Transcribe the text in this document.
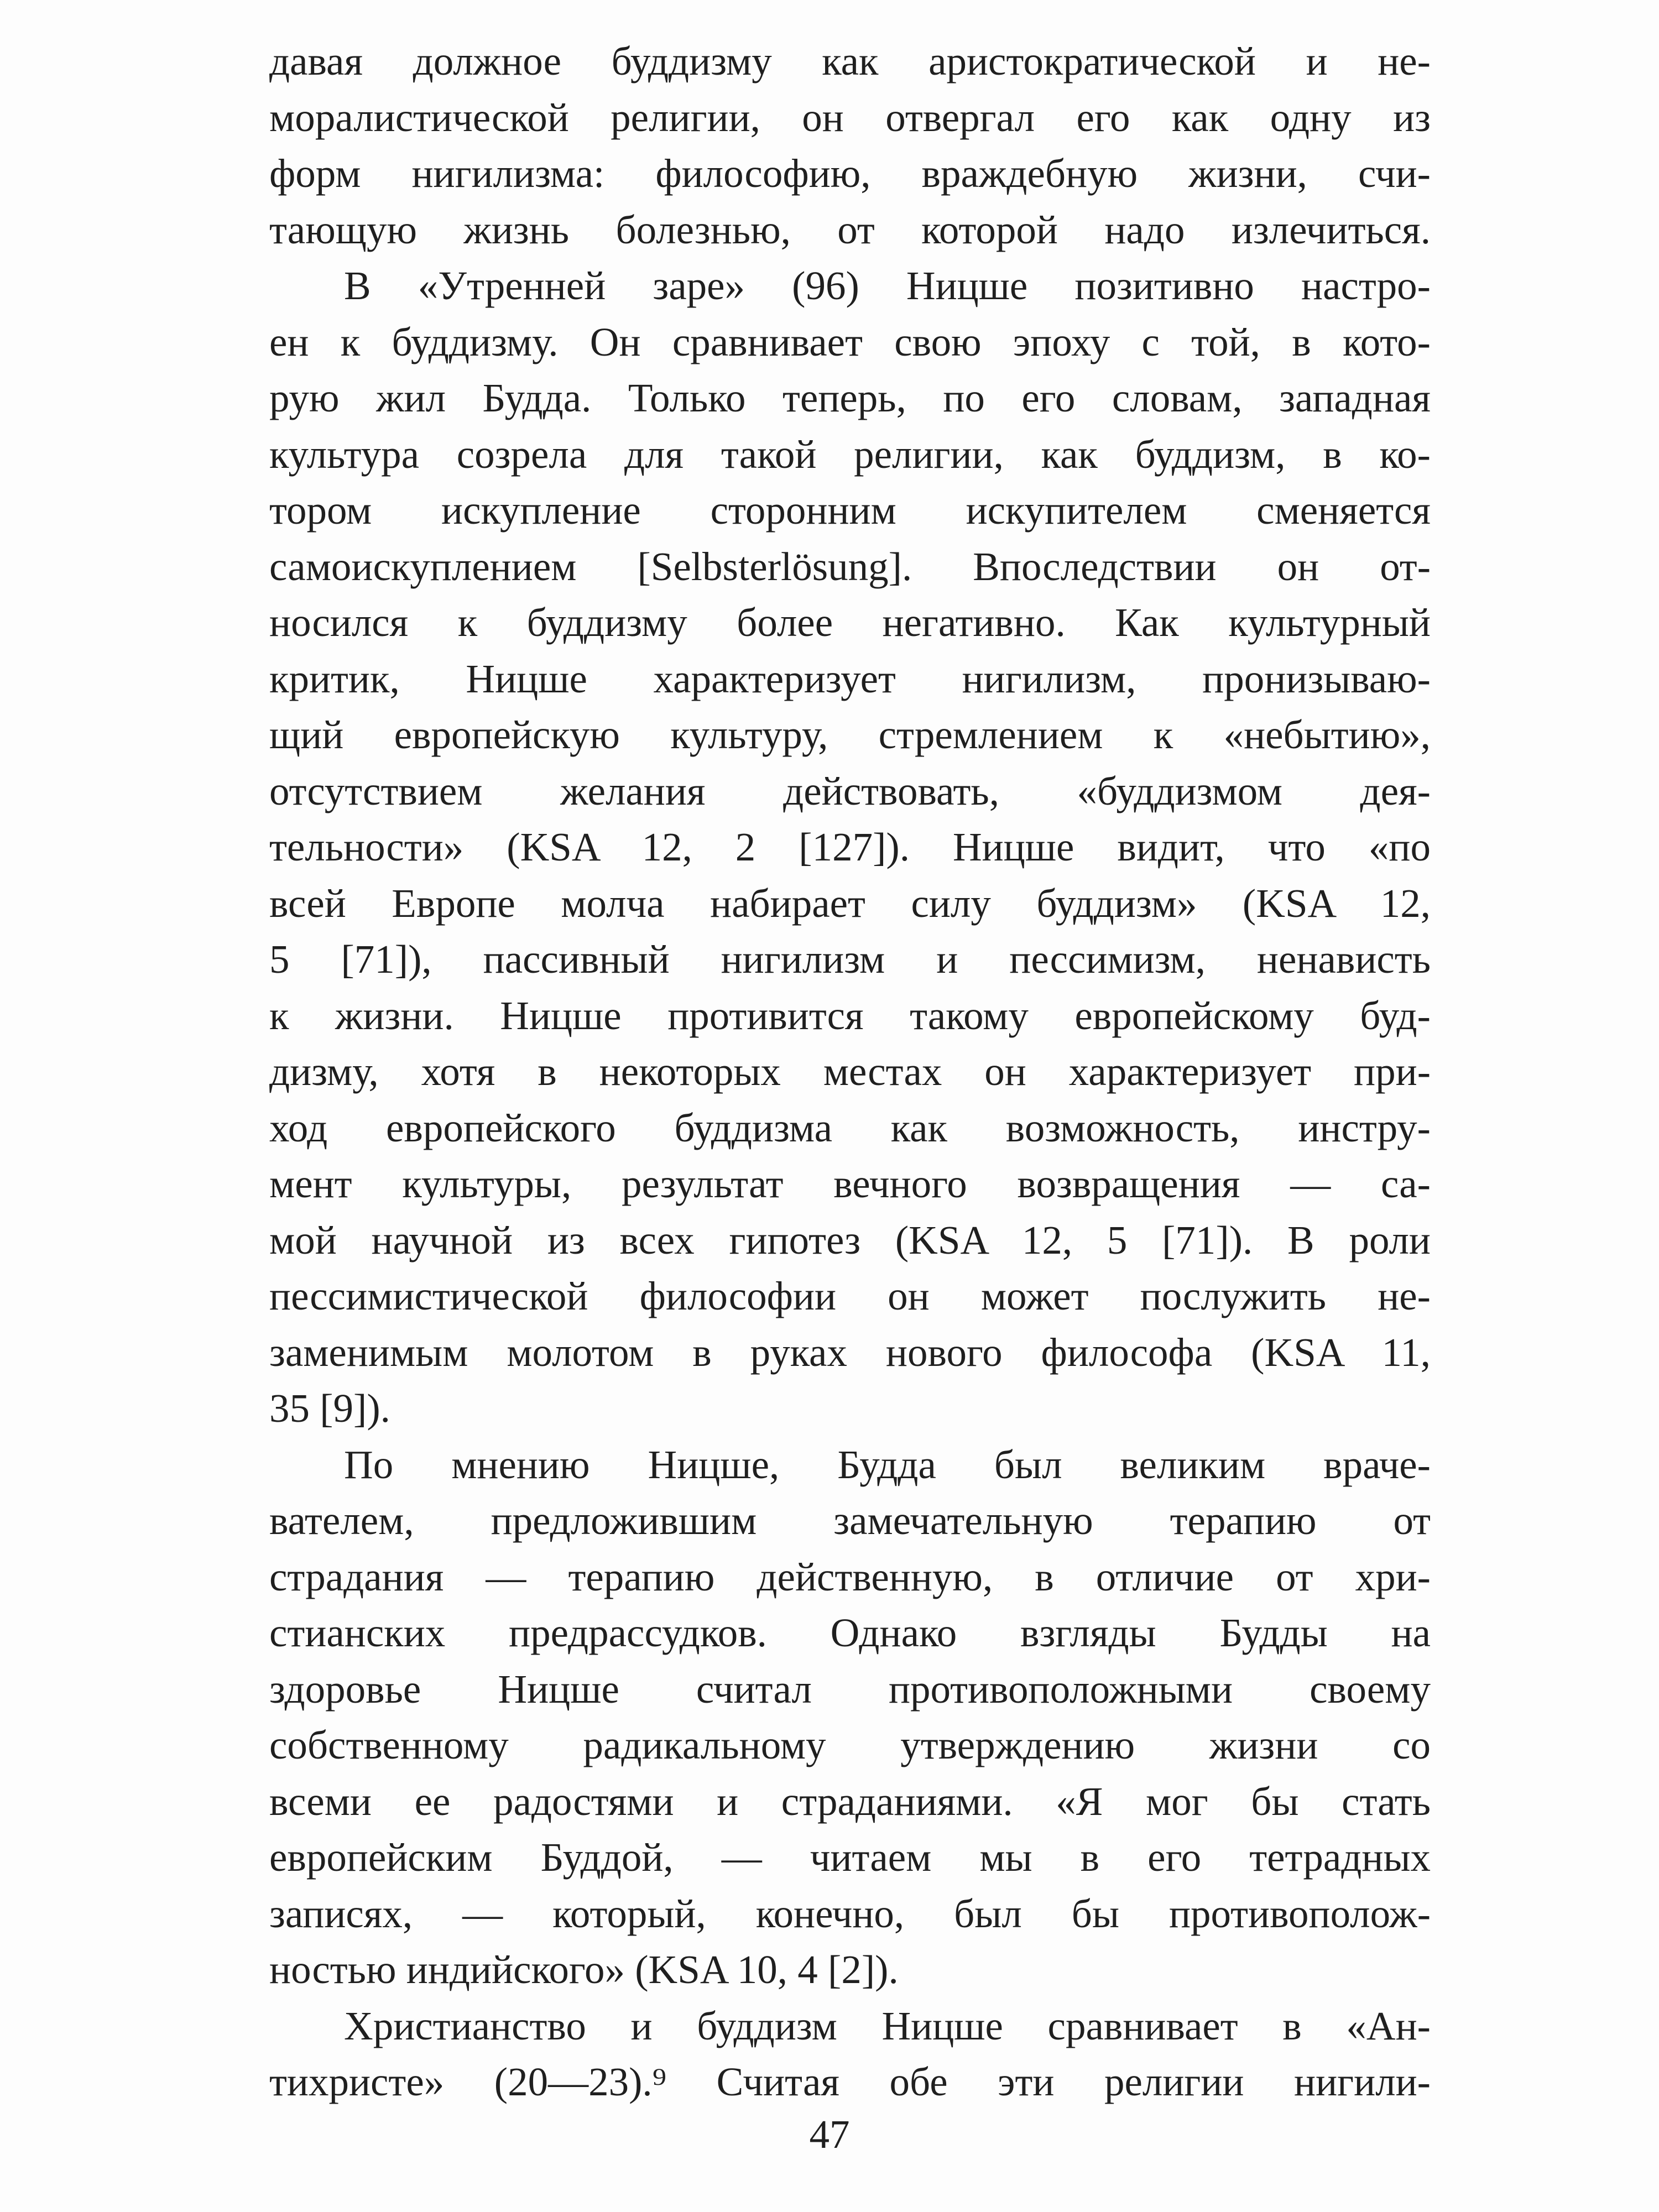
давая должное буддизму как аристократической и не-
моралистической религии, он отвергал его как одну из
форм нигилизма: философию, враждебную жизни, счи-
тающую жизнь болезнью, от которой надо излечиться.
В «Утренней заре» (96) Ницше позитивно настро-
ен к буддизму. Он сравнивает свою эпоху с той, в кото-
рую жил Будда. Только теперь, по его словам, западная
культура созрела для такой религии, как буддизм, в ко-
тором искупление сторонним искупителем сменяется
самоискуплением [Selbsterlösung]. Впоследствии он от-
носился к буддизму более негативно. Как культурный
критик, Ницше характеризует нигилизм, пронизываю-
щий европейскую культуру, стремлением к «небытию»,
отсутствием желания действовать, «буддизмом дея-
тельности» (KSA 12, 2 [127]). Ницше видит, что «по
всей Европе молча набирает силу буддизм» (KSA 12,
5 [71]), пассивный нигилизм и пессимизм, ненависть
к жизни. Ницше противится такому европейскому буд-
дизму, хотя в некоторых местах он характеризует при-
ход европейского буддизма как возможность, инстру-
мент культуры, результат вечного возвращения — са-
мой научной из всех гипотез (KSA 12, 5 [71]). В роли
пессимистической философии он может послужить не-
заменимым молотом в руках нового философа (KSA 11,
35 [9]).
По мнению Ницше, Будда был великим враче-
вателем, предложившим замечательную терапию от
страдания — терапию действенную, в отличие от хри-
стианских предрассудков. Однако взгляды Будды на
здоровье Ницше считал противоположными своему
собственному радикальному утверждению жизни со
всеми ее радостями и страданиями. «Я мог бы стать
европейским Буддой, — читаем мы в его тетрадных
записях, — который, конечно, был бы противополож-
ностью индийского» (KSA 10, 4 [2]).
Христианство и буддизм Ницше сравнивает в «Ан-
тихристе» (20—23).⁹ Считая обе эти религии нигили-
47
